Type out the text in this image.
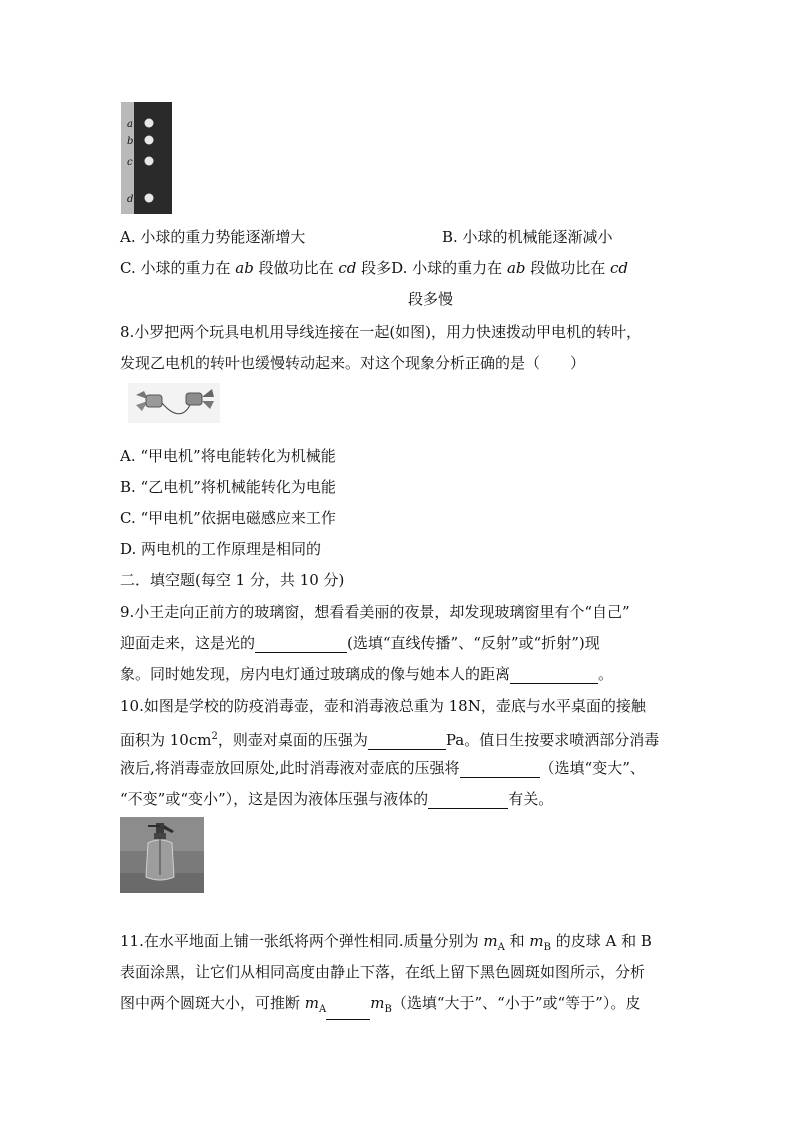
a
b
c
d
A. 小球的重力势能逐渐增大	B. 小球的机械能逐渐减小
C. 小球的重力在 ab 段做功比在 cd 段多D. 小球的重力在 ab 段做功比在 cd
段多慢
8.小罗把两个玩具电机用导线连接在一起(如图)，用力快速拨动甲电机的转叶，
发现乙电机的转叶也缓慢转动起来。对这个现象分析正确的是（　　）
A. “甲电机”将电能转化为机械能
B. “乙电机”将机械能转化为电能
C. “甲电机”依据电磁感应来工作
D. 两电机的工作原理是相同的
二．填空题(每空 1 分，共 10 分)
9.小王走向正前方的玻璃窗，想看看美丽的夜景，却发现玻璃窗里有个“自己”
迎面走来，这是光的	(选填“直线传播”、“反射”或“折射”)现
象。同时她发现，房内电灯通过玻璃成的像与她本人的距离	。
10.如图是学校的防疫消毒壶，壶和消毒液总重为 18N，壶底与水平桌面的接触
面积为 $10cm^2$，则壶对桌面的压强为	Pa。值日生按要求喷洒部分消毒
液后,将消毒壶放回原处,此时消毒液对壶底的压强将	（选填“变大”、
“不变”或“变小”），这是因为液体压强与液体的	有关。
11.在水平地面上铺一张纸将两个弹性相同.质量分别为 $m_A$ 和 $m_B$ 的皮球 A 和 B
表面涂黑，让它们从相同高度由静止下落，在纸上留下黑色圆斑如图所示，分析
图中两个圆斑大小，可推断 $m_A$	$m_B$（选填“大于”、“小于”或“等于”）。皮
